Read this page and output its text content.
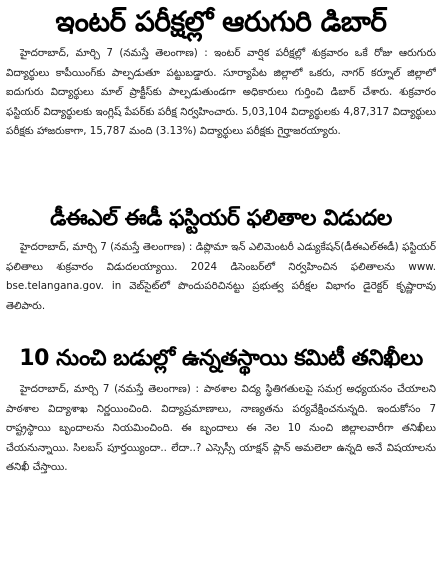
ఇంటర్ పరీక్షల్లో ఆరుగురి డిబార్

హైదరాబాద్, మార్చి 7 (నమస్తే తెలంగాణ) : ఇంటర్ వార్షిక పరీక్షల్లో శుక్రవారం ఒకే రోజు ఆరుగురు విద్యార్థులు కాపీయింగ్‌కు పాల్పడుతూ పట్టుబడ్డారు. సూర్యాపేట జిల్లాలో ఒకరు, నాగర్ కర్నూల్ జిల్లాలో ఐదుగురు విద్యార్థులు మాల్ ప్రాక్టీస్‌కు పాల్పడుతుండగా అధికారులు గుర్తించి డిబార్ చేశారు. శుక్రవారం ఫస్టియర్ విద్యార్థులకు ఇంగ్లిష్ పేపర్‌కు పరీక్ష నిర్వహించారు. 5,03,104 విద్యార్థులకు 4,87,317 విద్యార్థులు పరీక్షకు హాజరుకాగా, 15,787 మంది (3.13%) విద్యార్థులు పరీక్షకు గైర్హాజరయ్యారు.

డీఈఎల్ ఈడీ ఫస్టియర్ ఫలితాల విడుదల

హైదరాబాద్, మార్చి 7 (నమస్తే తెలంగాణ) : డిప్లొమా ఇన్ ఎలిమెంటరీ ఎడ్యుకేషన్(డీఈఎల్‌ఈడీ) ఫస్టియర్ ఫలితాలు శుక్రవారం విడుదలయ్యాయి. 2024 డిసెంబర్‌లో నిర్వహించిన ఫలితాలను www. bse.telangana.gov. in వెబ్‌సైట్‌లో పొందుపరిచినట్టు ప్రభుత్వ పరీక్షల విభాగం డైరెక్టర్ కృష్ణారావు తెలిపారు.

10 నుంచి బడుల్లో ఉన్నతస్థాయి కమిటీ తనిఖీలు

హైదరాబాద్, మార్చి 7 (నమస్తే తెలంగాణ) : పాఠశాల విద్య స్థితిగతులపై సమగ్ర అధ్యయనం చేయాలని పాఠశాల విద్యాశాఖ నిర్ణయించింది. విద్యాప్రమాణాలు, నాణ్యతను పర్యవేక్షించనున్నది. ఇందుకోసం 7 రాష్ట్రస్థాయి బృందాలను నియమించింది. ఈ బృందాలు ఈ నెల 10 నుంచి జిల్లాలవారీగా తనిఖీలు చేయనున్నాయి. సిలబస్ పూర్తయ్యిందా.. లేదా..? ఎస్సెస్సీ యాక్షన్ ప్లాన్ అమలెలా ఉన్నది అనే విషయాలను తనిఖీ చేస్తాయి.
